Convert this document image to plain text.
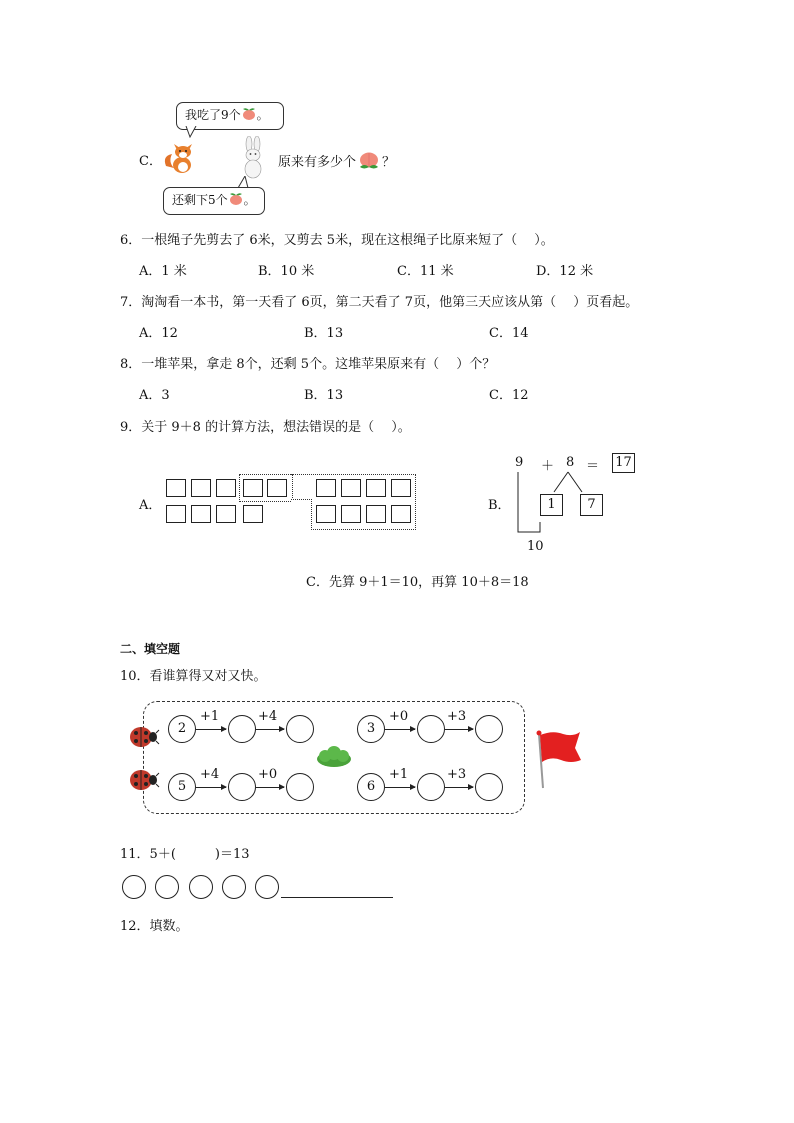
C．
我吃了9个 。
原来有多少个 ？
还剩下5个 。
6．一根绳子先剪去了 6米，又剪去 5米，现在这根绳子比原来短了（　 ）。
A．1 米	B．10 米	C．11 米	D．12 米
7．淘淘看一本书，第一天看了 6页，第二天看了 7页，他第三天应该从第（　 ）页看起。
A．12	B．13	C．14
8．一堆苹果，拿走 8个，还剩 5个。这堆苹果原来有（　 ）个？
A．3	B．13	C．12
9．关于 9＋8 的计算方法，想法错误的是（　 ）。
A．	B．
9 ＋ 8 ＝ 17
1	7
10
C．先算 9＋1＝10，再算 10＋8＝18
二、填空题
10．看谁算得又对又快。
2
+1	+4
3
+0	+3
5
+4	+0
6
+1	+3
11．5＋(　　　)＝13
12．填数。
